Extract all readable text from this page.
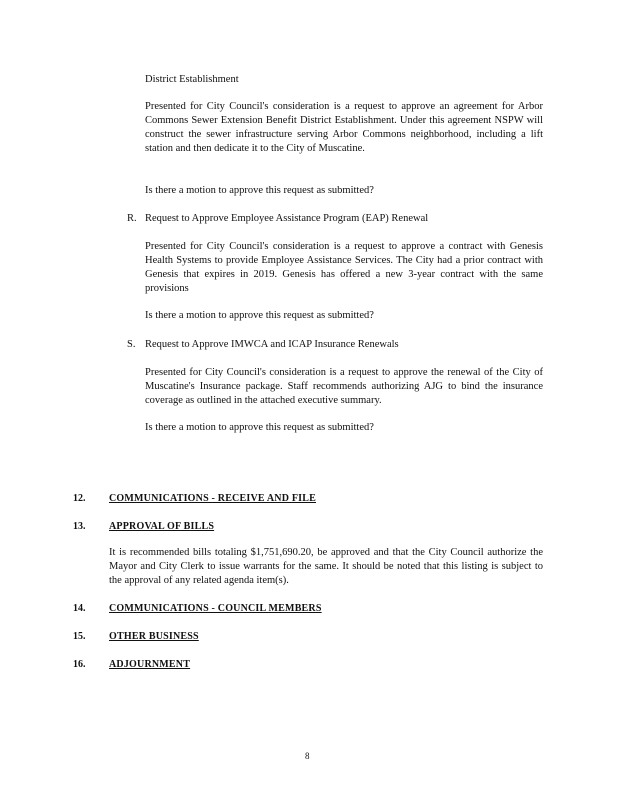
District Establishment
Presented for City Council's consideration is a request to approve an agreement for Arbor Commons Sewer Extension Benefit District Establishment. Under this agreement NSPW will construct the sewer infrastructure serving Arbor Commons neighborhood, including a lift station and then dedicate it to the City of Muscatine.
Is there a motion to approve this request as submitted?
R. Request to Approve Employee Assistance Program (EAP) Renewal
Presented for City Council's consideration is a request to approve a contract with Genesis Health Systems to provide Employee Assistance Services. The City had a prior contract with Genesis that expires in 2019. Genesis has offered a new 3-year contract with the same provisions
Is there a motion to approve this request as submitted?
S. Request to Approve IMWCA and ICAP Insurance Renewals
Presented for City Council's consideration is a request to approve the renewal of the City of Muscatine's Insurance package. Staff recommends authorizing AJG to bind the insurance coverage as outlined in the attached executive summary.
Is there a motion to approve this request as submitted?
12. COMMUNICATIONS - RECEIVE AND FILE
13. APPROVAL OF BILLS
It is recommended bills totaling $1,751,690.20, be approved and that the City Council authorize the Mayor and City Clerk to issue warrants for the same. It should be noted that this listing is subject to the approval of any related agenda item(s).
14. COMMUNICATIONS - COUNCIL MEMBERS
15. OTHER BUSINESS
16. ADJOURNMENT
8
